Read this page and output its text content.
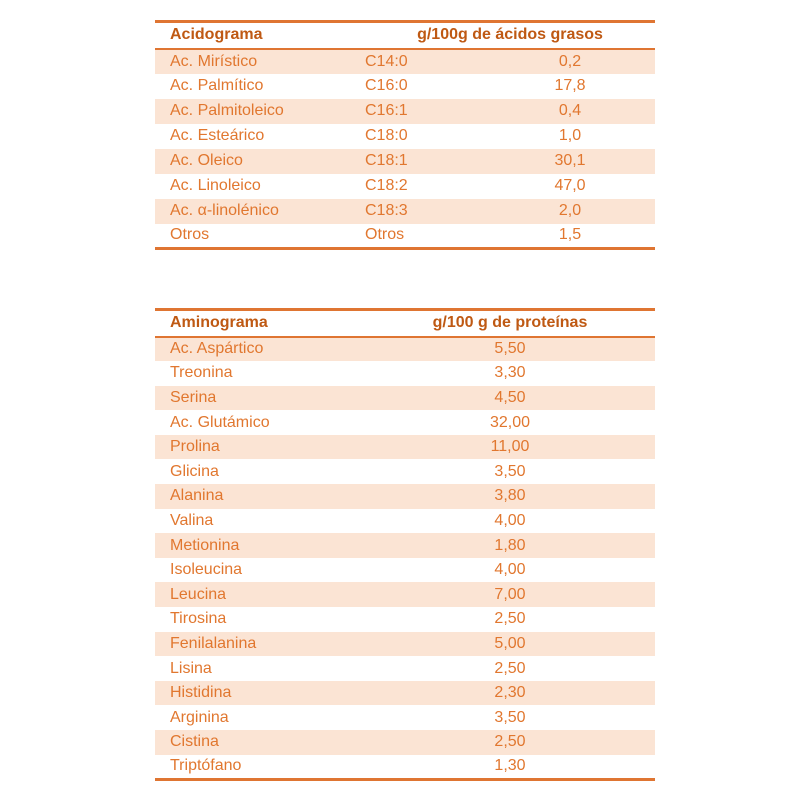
Acidograma	g/100g de ácidos grasos	
Ac. Mirístico	C14:0	0,2
Ac. Palmítico	C16:0	17,8
Ac. Palmitoleico	C16:1	0,4
Ac. Esteárico	C18:0	1,0
Ac. Oleico	C18:1	30,1
Ac. Linoleico	C18:2	47,0
Ac. α-linolénico	C18:3	2,0
Otros	Otros	1,5
Aminograma	g/100 g de proteínas
Ac. Aspártico	5,50
Treonina	3,30
Serina	4,50
Ac. Glutámico	32,00
Prolina	11,00
Glicina	3,50
Alanina	3,80
Valina	4,00
Metionina	1,80
Isoleucina	4,00
Leucina	7,00
Tirosina	2,50
Fenilalanina	5,00
Lisina	2,50
Histidina	2,30
Arginina	3,50
Cistina	2,50
Triptófano	1,30
